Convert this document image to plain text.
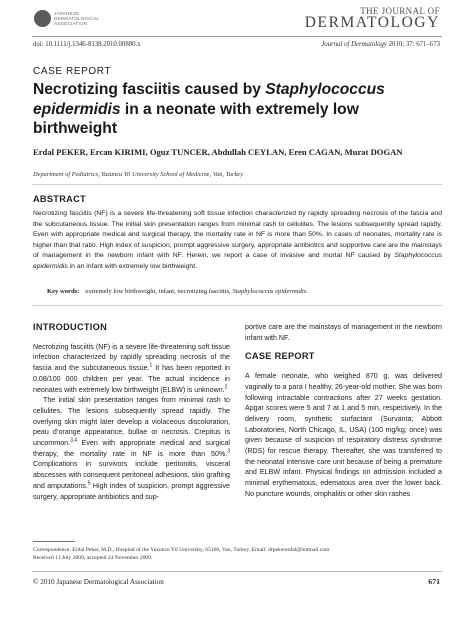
JAPANESE
DERMATOLOGICAL
ASSOCIATION
THE JOURNAL OF
DERMATOLOGY
doi: 10.1111/j.1346-8138.2010.00880.x	Journal of Dermatology 2010; 37: 671–673
CASE REPORT
Necrotizing fasciitis caused by Staphylococcus epidermidis in a neonate with extremely low birthweight
Erdal PEKER, Ercan KIRIMI, Oguz TUNCER, Abdullah CEYLAN, Eren CAGAN, Murat DOGAN
Department of Pediatrics, Yuzuncu Yil University School of Medicine, Van, Turkey
ABSTRACT
Necrotizing fasciitis (NF) is a severe life-threatening soft tissue infection characterized by rapidly spreading necrosis of the fascia and the subcutaneous tissue. The initial skin presentation ranges from minimal rash to cellulites. The lesions subsequently spread rapidly. Even with appropriate medical and surgical therapy, the mortality rate in NF is more than 50%. In cases of neonates, mortality rate is higher than that ratio. High index of suspicion, prompt aggressive surgery, appropriate antibiotics and supportive care are the mainstays of management in the newborn infant with NF. Herein, we report a case of invasive and mortal NF caused by Staphylococcus epidermidis in an infant with extremely low birthweight.
Key words: extremely low birthweight, infant, necrotizing fasciitis, Staphylococcus epidermidis.
INTRODUCTION

Necrotizing fasciitis (NF) is a severe life-threatening soft tissue infection characterized by rapidly spreading necrosis of the fascia and the subcutaneous tissue.$^1$ It has been reported in 0.08/100 000 children per year. The actual incidence in neonates with extremely low birthweight (ELBW) is unknown.$^2$

The initial skin presentation ranges from minimal rash to cellulites. The lesions subsequently spread rapidly. The overlying skin might later develop a violaceous discoloration, peau d’orange appearance, bullae or necrosis. Crepitus is uncommon.$^{3,4}$ Even with appropriate medical and surgical therapy, the mortality rate in NF is more than 50%.$^3$ Complications in survivors include peritonitis, visceral abscesses with consequent peritoneal adhesions, skin grafting and amputations.$^5$ High index of suspicion, prompt aggressive surgery, appropriate antibiotics and sup-

portive care are the mainstays of management in the newborn infant with NF.

CASE REPORT

A female neonate, who weighed 870 g, was delivered vaginally to a para I healthy, 26-year-old mother. She was born following intractable contractions after 27 weeks gestation. Apgar scores were 5 and 7 at 1 and 5 min, respectively. In the delivery room, synthetic surfactant (Survanta; Abbott Laboratories, North Chicago, IL, USA) (100 mg/kg, once) was given because of suspicion of respiratory distress syndrome (RDS) for rescue therapy. Thereafter, she was transferred to the neonatal intensive care unit because of being a premature and ELBW infant. Physical findings on admission included a minimal erythematous, edematous area over the lower back. No puncture wounds, omphalitis or other skin rashes

Correspondence: Erdal Peker, M.D., Hospital of the Yuzuncu Yil University, 65100, Van, Turkey. Email: drpekererdal@hotmail.com
Received 11 July 2009; accepted 24 November 2009.
© 2010 Japanese Dermatological Association	671
